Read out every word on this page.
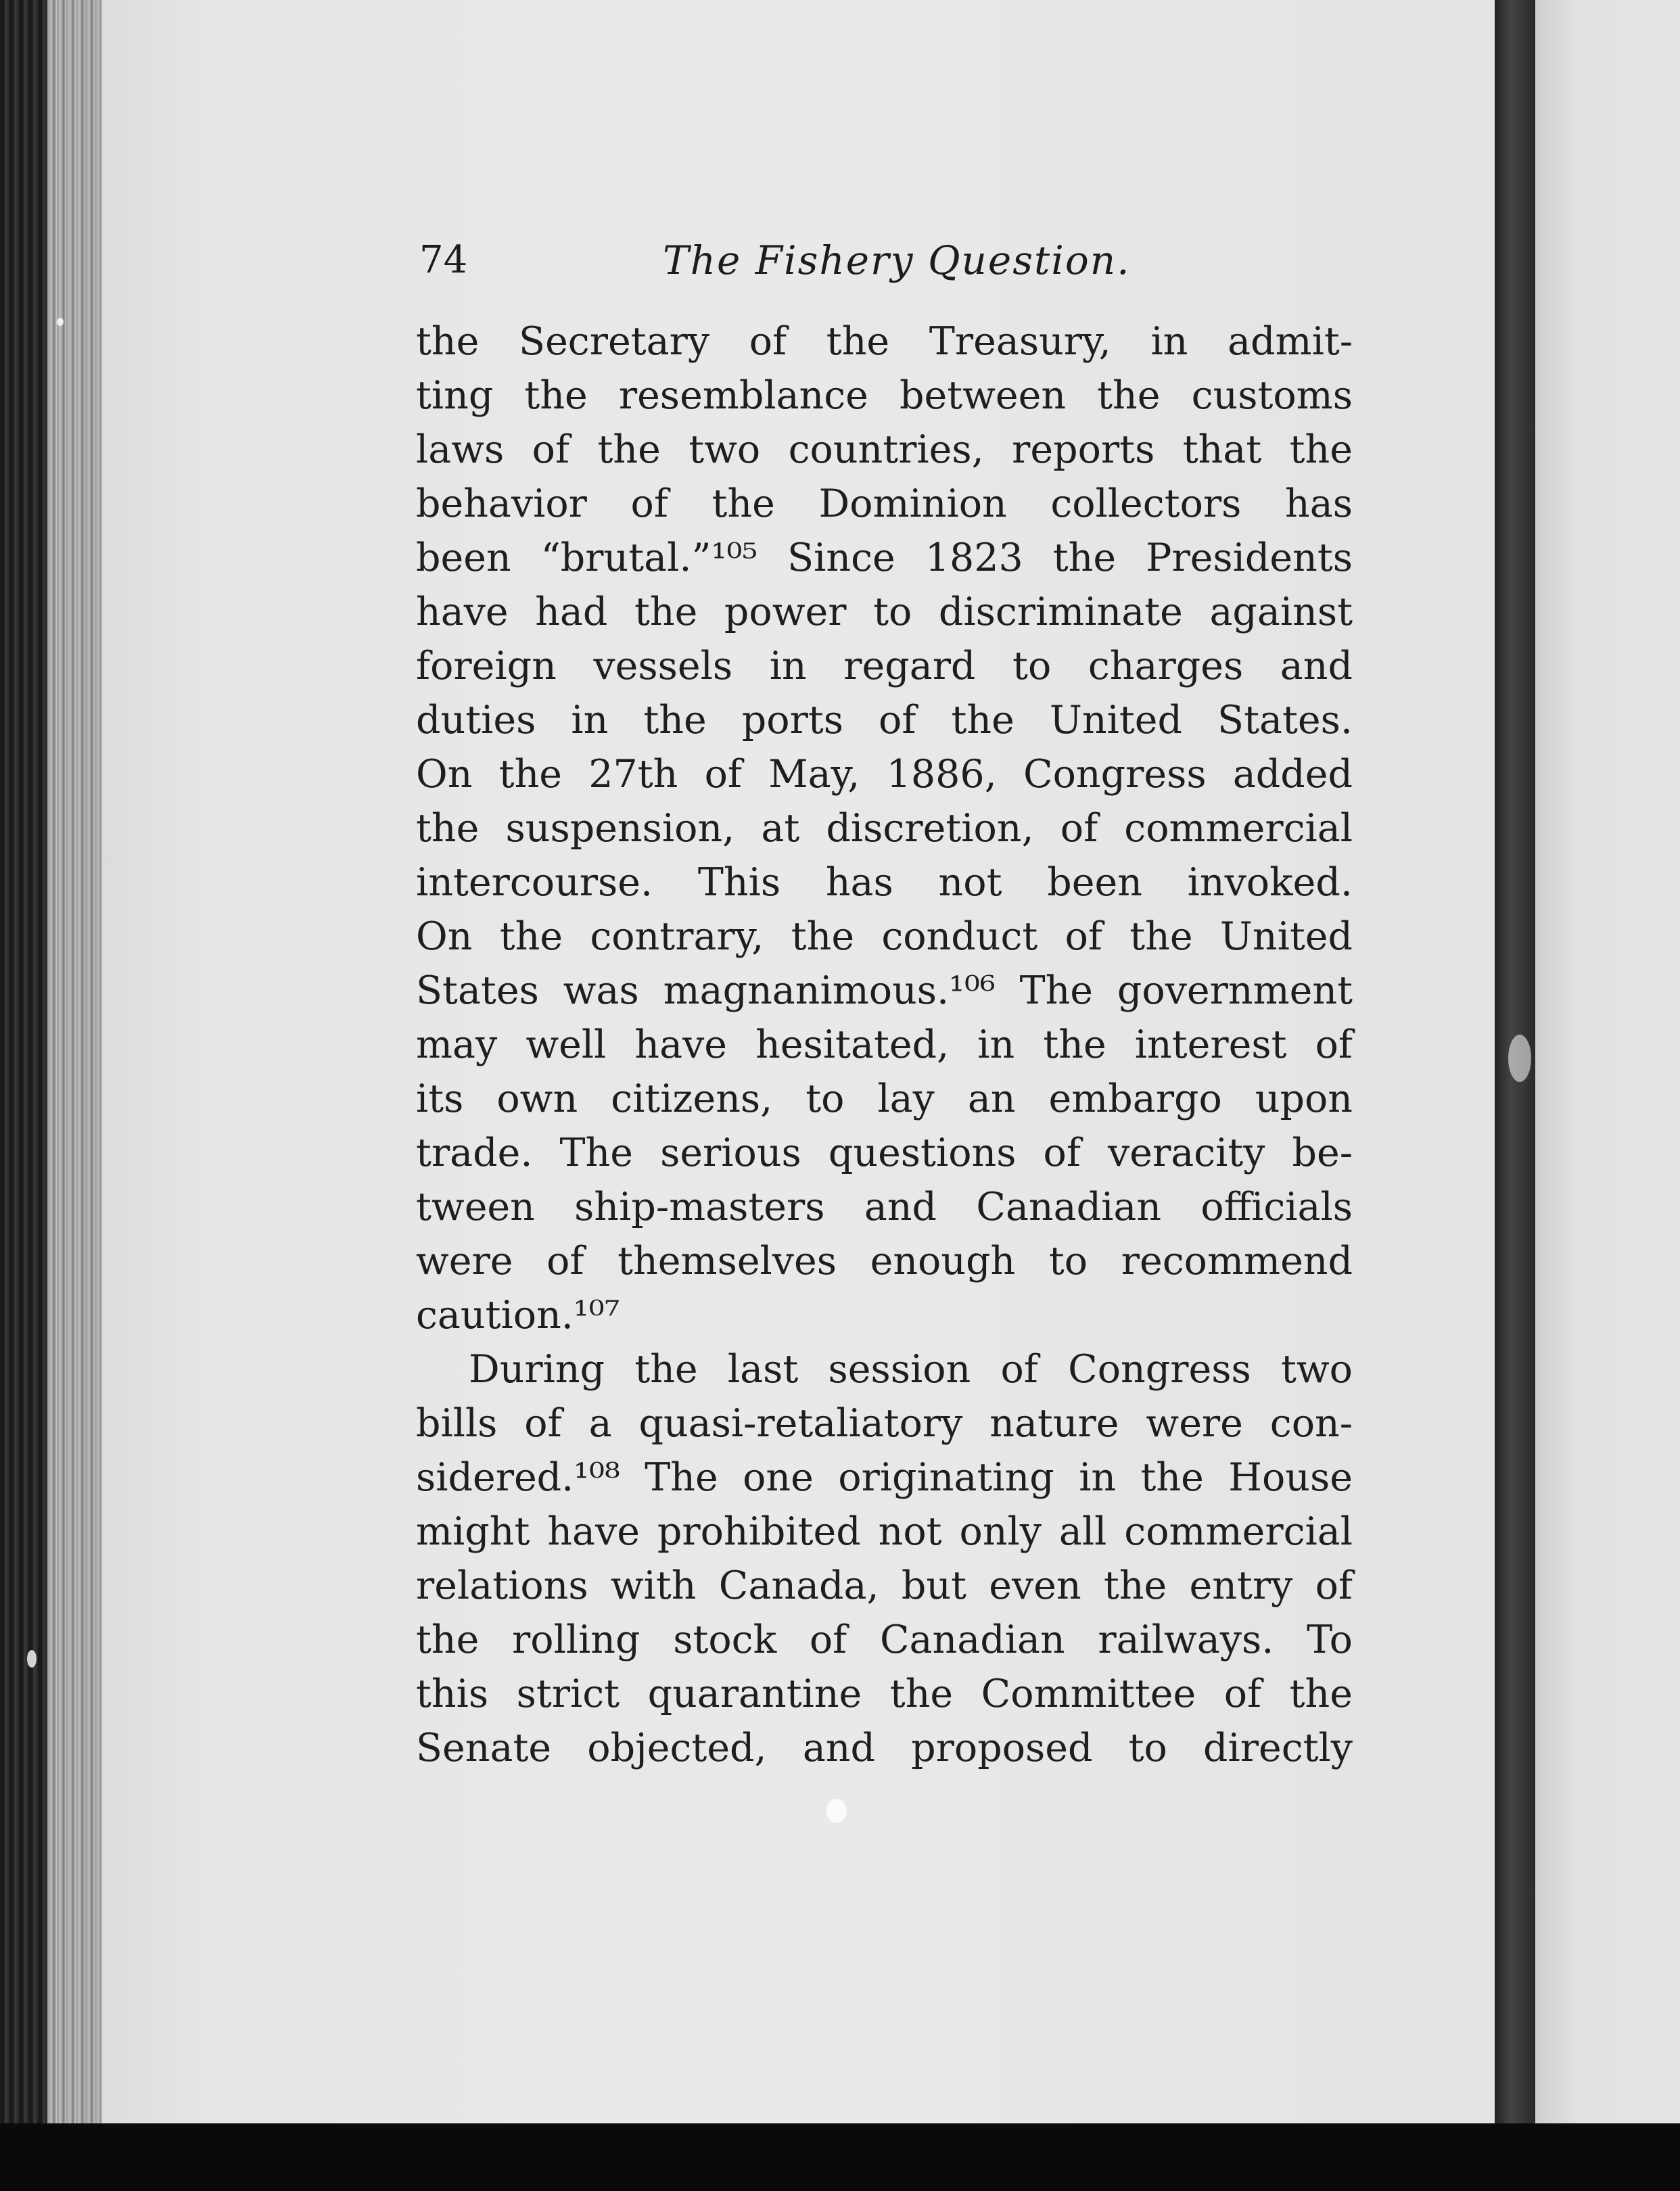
74	The Fishery Question.
the Secretary of the Treasury, in admit-
ting the resemblance between the customs
laws of the two countries, reports that the
behavior of the Dominion collectors has
been “brutal.”¹⁰⁵ Since 1823 the Presidents
have had the power to discriminate against
foreign vessels in regard to charges and
duties in the ports of the United States.
On the 27th of May, 1886, Congress added
the suspension, at discretion, of commercial
intercourse. This has not been invoked.
On the contrary, the conduct of the United
States was magnanimous.¹⁰⁶ The government
may well have hesitated, in the interest of
its own citizens, to lay an embargo upon
trade. The serious questions of veracity be-
tween ship-masters and Canadian officials
were of themselves enough to recommend
caution.¹⁰⁷
During the last session of Congress two
bills of a quasi-retaliatory nature were con-
sidered.¹⁰⁸ The one originating in the House
might have prohibited not only all commercial
relations with Canada, but even the entry of
the rolling stock of Canadian railways. To
this strict quarantine the Committee of the
Senate objected, and proposed to directly
